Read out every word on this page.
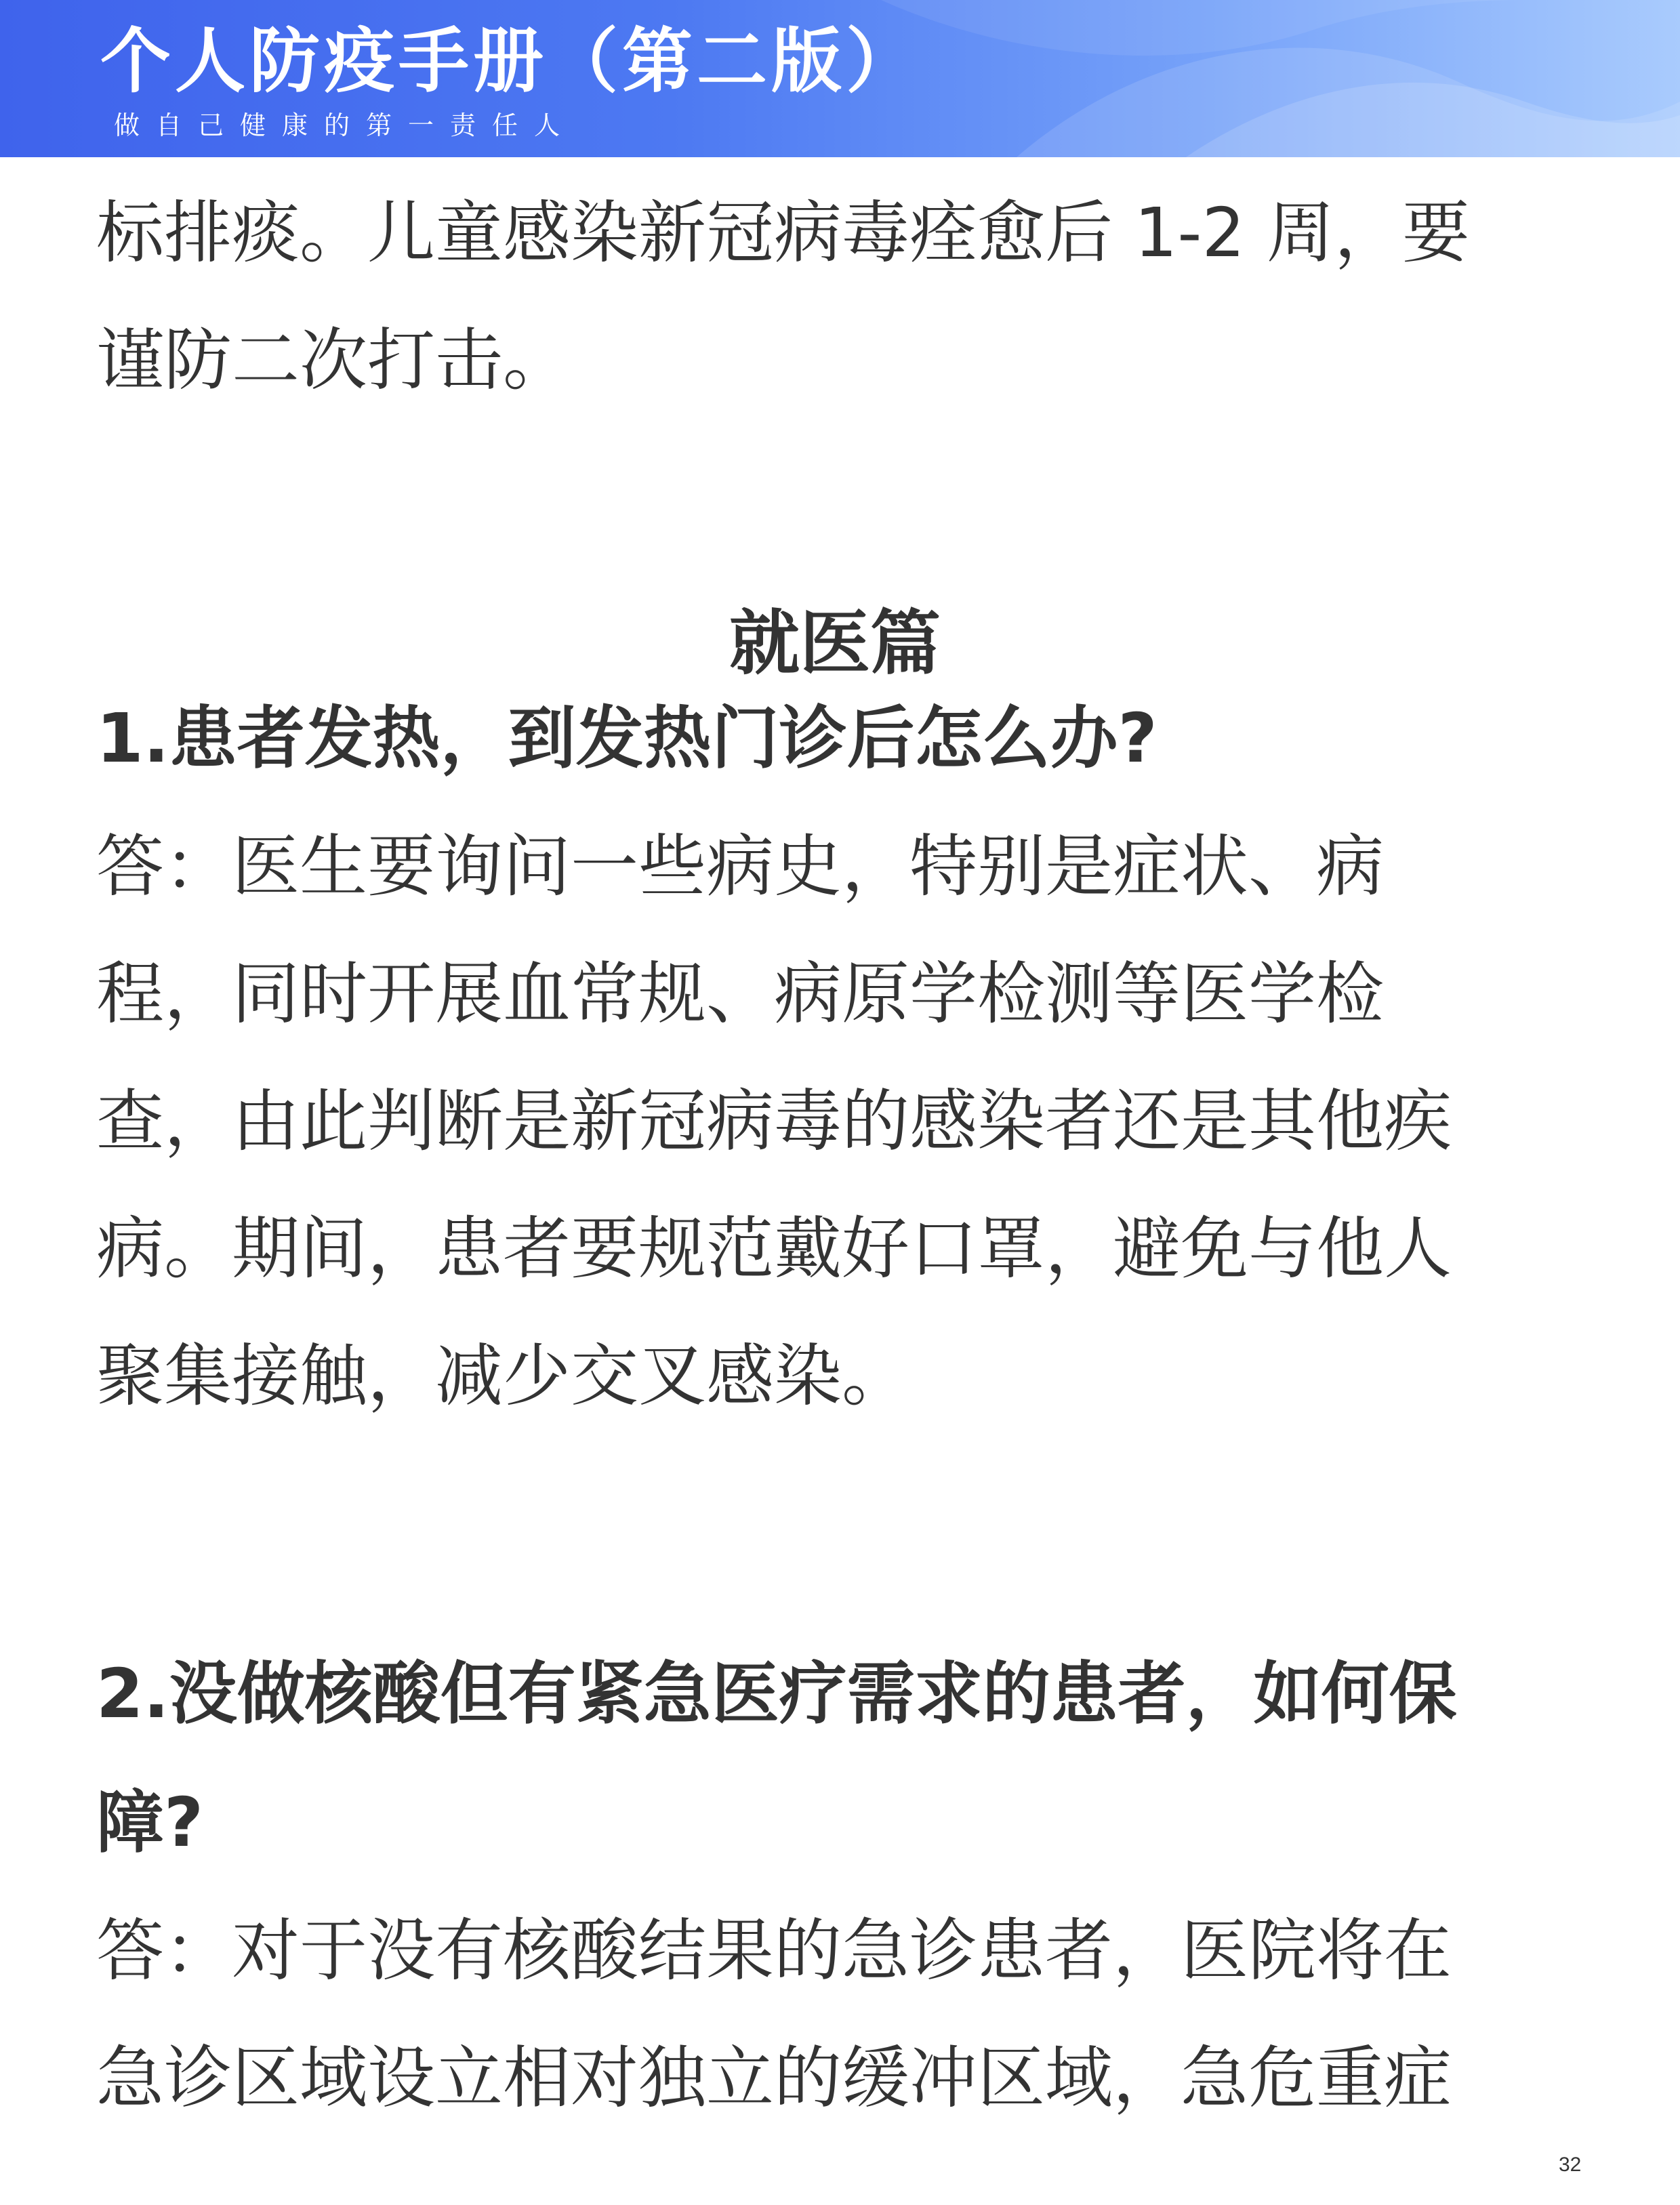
个人防疫手册（第二版）
做自己健康的第一责任人

标排痰。儿童感染新冠病毒痊愈后 1-2 周，要

谨防二次打击。

就医篇

1.患者发热，到发热门诊后怎么办?

答：医生要询问一些病史，特别是症状、病

程，同时开展血常规、病原学检测等医学检

查，由此判断是新冠病毒的感染者还是其他疾

病。期间，患者要规范戴好口罩，避免与他人

聚集接触，减少交叉感染。

2.没做核酸但有紧急医疗需求的患者，如何保

障?

答：对于没有核酸结果的急诊患者，医院将在

急诊区域设立相对独立的缓冲区域，急危重症

32
